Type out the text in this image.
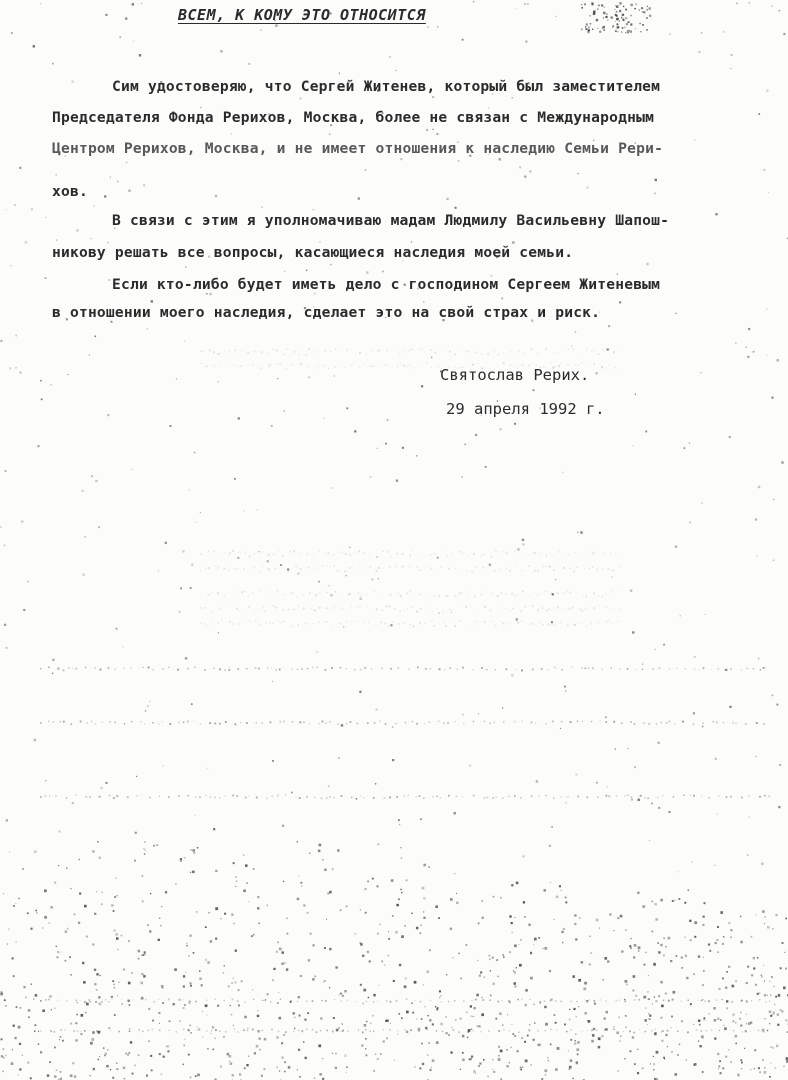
ВСЕМ, К КОМУ ЭТО ОТНОСИТСЯ
Сим удостоверяю, что Сергей Житенев, который был заместителем
Председателя Фонда Рерихов, Москва, более не связан с Международным
Центром Рерихов, Москва, и не имеет отношения к наследию Семьи Рери-
хов.
В связи с этим я уполномачиваю мадам Людмилу Васильевну Шапош-
никову решать все вопросы, касающиеся наследия моей семьи.
Если кто-либо будет иметь дело с господином Сергеем Житеневым
в отношении моего наследия, сделает это на свой страх и риск.
Святослав Рерих.
29 апреля 1992 г.
